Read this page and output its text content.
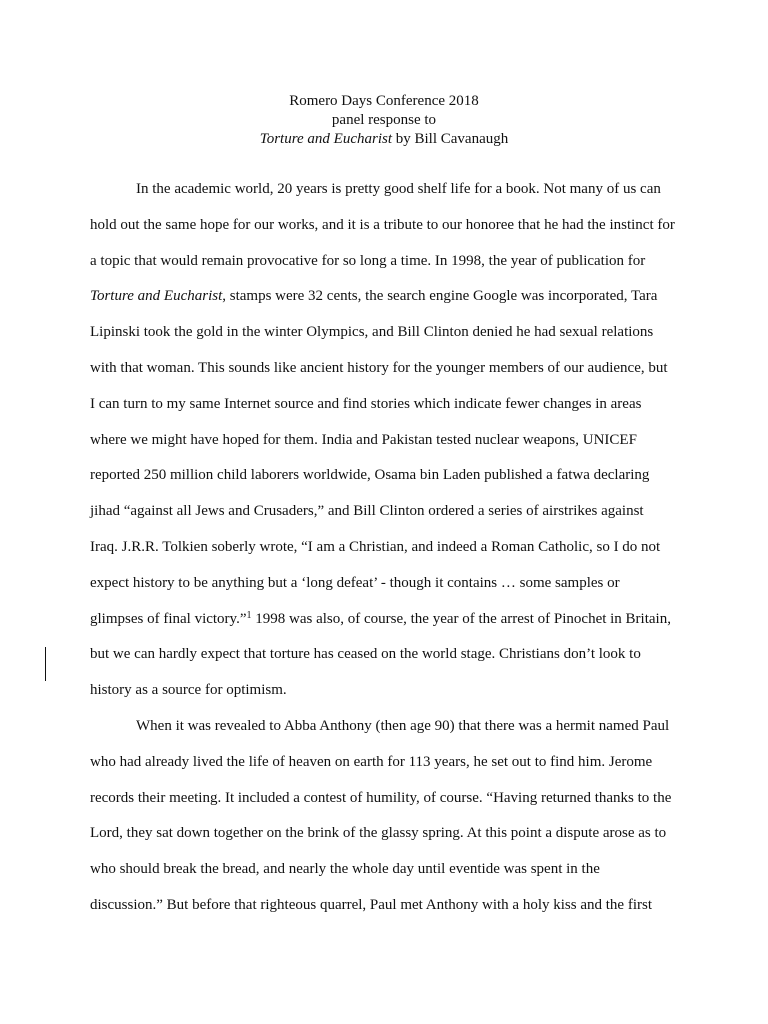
Romero Days Conference 2018
panel response to
Torture and Eucharist by Bill Cavanaugh
In the academic world, 20 years is pretty good shelf life for a book. Not many of us can
hold out the same hope for our works, and it is a tribute to our honoree that he had the instinct for
a topic that would remain provocative for so long a time. In 1998, the year of publication for
Torture and Eucharist, stamps were 32 cents, the search engine Google was incorporated, Tara
Lipinski took the gold in the winter Olympics, and Bill Clinton denied he had sexual relations
with that woman. This sounds like ancient history for the younger members of our audience, but
I can turn to my same Internet source and find stories which indicate fewer changes in areas
where we might have hoped for them. India and Pakistan tested nuclear weapons, UNICEF
reported 250 million child laborers worldwide, Osama bin Laden published a fatwa declaring
jihad “against all Jews and Crusaders,” and Bill Clinton ordered a series of airstrikes against
Iraq. J.R.R. Tolkien soberly wrote, “I am a Christian, and indeed a Roman Catholic, so I do not
expect history to be anything but a ‘long defeat’ - though it contains … some samples or
glimpses of final victory.”$^1$ 1998 was also, of course, the year of the arrest of Pinochet in Britain,
but we can hardly expect that torture has ceased on the world stage. Christians don’t look to
history as a source for optimism.
When it was revealed to Abba Anthony (then age 90) that there was a hermit named Paul
who had already lived the life of heaven on earth for 113 years, he set out to find him. Jerome
records their meeting. It included a contest of humility, of course. “Having returned thanks to the
Lord, they sat down together on the brink of the glassy spring. At this point a dispute arose as to
who should break the bread, and nearly the whole day until eventide was spent in the
discussion.” But before that righteous quarrel, Paul met Anthony with a holy kiss and the first
